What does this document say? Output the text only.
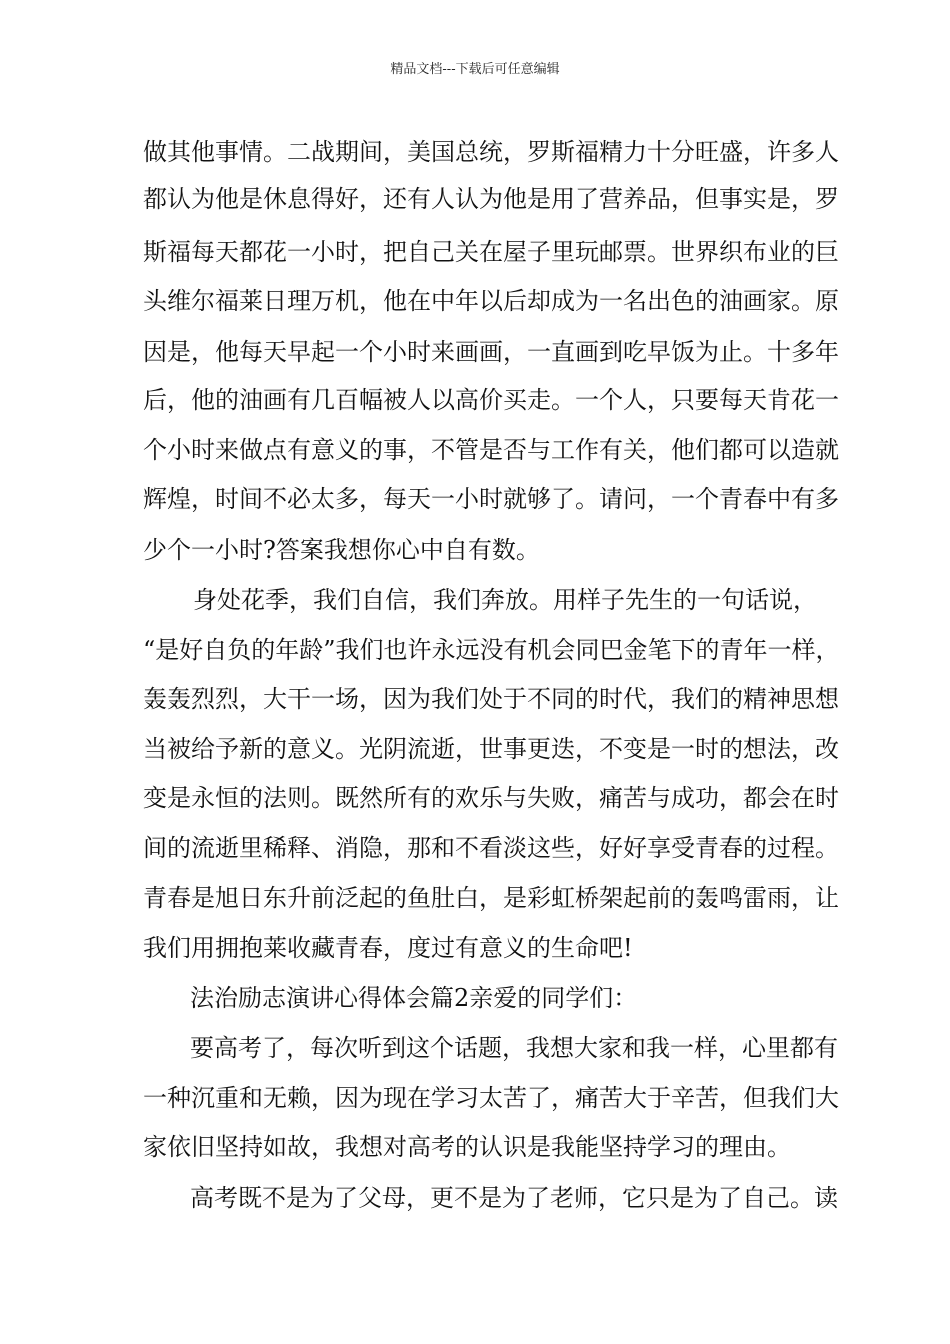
精品文档---下载后可任意编辑
做其他事情。二战期间，美国总统，罗斯福精力十分旺盛，许多人
都认为他是休息得好，还有人认为他是用了营养品，但事实是，罗
斯福每天都花一小时，把自己关在屋子里玩邮票。世界织布业的巨
头维尔福莱日理万机，他在中年以后却成为一名出色的油画家。原
因是，他每天早起一个小时来画画，一直画到吃早饭为止。十多年
后，他的油画有几百幅被人以高价买走。一个人，只要每天肯花一
个小时来做点有意义的事，不管是否与工作有关，他们都可以造就
辉煌，时间不必太多，每天一小时就够了。请问，一个青春中有多
少个一小时?答案我想你心中自有数。
身处花季，我们自信，我们奔放。用样子先生的一句话说，
“是好自负的年龄”我们也许永远没有机会同巴金笔下的青年一样，
轰轰烈烈，大干一场，因为我们处于不同的时代，我们的精神思想
当被给予新的意义。光阴流逝，世事更迭，不变是一时的想法，改
变是永恒的法则。既然所有的欢乐与失败，痛苦与成功，都会在时
间的流逝里稀释、消隐，那和不看淡这些，好好享受青春的过程。
青春是旭日东升前泛起的鱼肚白，是彩虹桥架起前的轰鸣雷雨，让
我们用拥抱莱收藏青春，度过有意义的生命吧!
法治励志演讲心得体会篇2亲爱的同学们：
要高考了，每次听到这个话题，我想大家和我一样，心里都有
一种沉重和无赖，因为现在学习太苦了，痛苦大于辛苦，但我们大
家依旧坚持如故，我想对高考的认识是我能坚持学习的理由。
高考既不是为了父母，更不是为了老师，它只是为了自己。读
